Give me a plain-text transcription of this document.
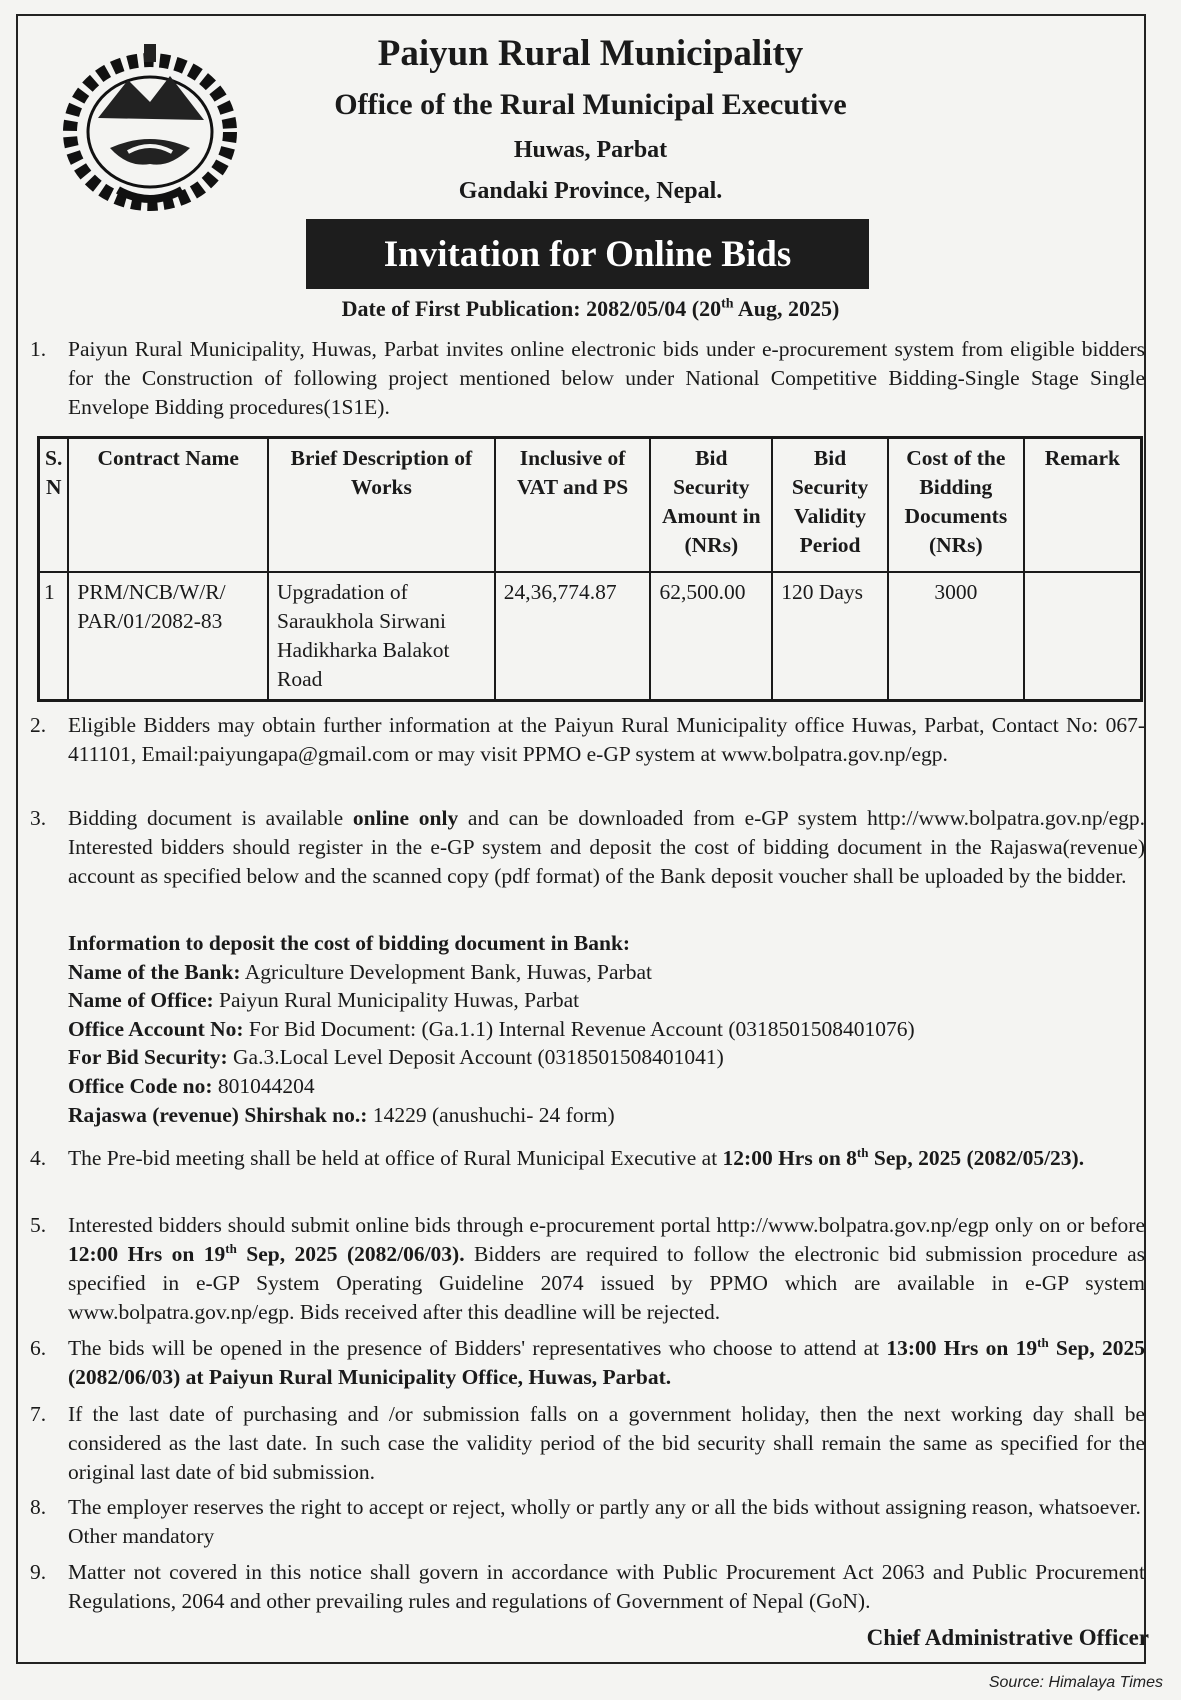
Paiyun Rural Municipality
Office of the Rural Municipal Executive
Huwas, Parbat
Gandaki Province, Nepal.
Invitation for Online Bids
Date of First Publication: 2082/05/04 (20th Aug, 2025)
1.	Paiyun Rural Municipality, Huwas, Parbat invites online electronic bids under e-procurement system from eligible bidders for the Construction of following project mentioned below under National Competitive Bidding-Single Stage Single Envelope Bidding procedures(1S1E).
S. N	Contract Name	Brief Description of Works	Inclusive of VAT and PS	Bid Security Amount in (NRs)	Bid Security Validity Period	Cost of the Bidding Documents (NRs)	Remark
1	PRM/NCB/W/R/ PAR/01/2082-83	Upgradation of Saraukhola Sirwani Hadikharka Balakot Road	24,36,774.87	62,500.00	120 Days	3000	
2.	Eligible Bidders may obtain further information at the Paiyun Rural Municipality office Huwas, Parbat, Contact No: 067-411101, Email:paiyungapa@gmail.com or may visit PPMO e-GP system at www.bolpatra.gov.np/egp.
3.	Bidding document is available online only and can be downloaded from e-GP system http://www.bolpatra.gov.np/egp. Interested bidders should register in the e-GP system and deposit the cost of bidding document in the Rajaswa(revenue) account as specified below and the scanned copy (pdf format) of the Bank deposit voucher shall be uploaded by the bidder.
Information to deposit the cost of bidding document in Bank:
Name of the Bank: Agriculture Development Bank, Huwas, Parbat
Name of Office: Paiyun Rural Municipality Huwas, Parbat
Office Account No: For Bid Document: (Ga.1.1) Internal Revenue Account (0318501508401076)
For Bid Security: Ga.3.Local Level Deposit Account (0318501508401041)
Office Code no: 801044204
Rajaswa (revenue) Shirshak no.: 14229 (anushuchi- 24 form)
4.	The Pre-bid meeting shall be held at office of Rural Municipal Executive at 12:00 Hrs on 8th Sep, 2025 (2082/05/23).
5.	Interested bidders should submit online bids through e-procurement portal http://www.bolpatra.gov.np/egp only on or before 12:00 Hrs on 19th Sep, 2025 (2082/06/03). Bidders are required to follow the electronic bid submission procedure as specified in e-GP System Operating Guideline 2074 issued by PPMO which are available in e-GP system www.bolpatra.gov.np/egp. Bids received after this deadline will be rejected.
6.	The bids will be opened in the presence of Bidders' representatives who choose to attend at 13:00 Hrs on 19th Sep, 2025 (2082/06/03) at Paiyun Rural Municipality Office, Huwas, Parbat.
7.	If the last date of purchasing and /or submission falls on a government holiday, then the next working day shall be considered as the last date. In such case the validity period of the bid security shall remain the same as specified for the original last date of bid submission.
8.	The employer reserves the right to accept or reject, wholly or partly any or all the bids without assigning reason, whatsoever. Other mandatory
9.	Matter not covered in this notice shall govern in accordance with Public Procurement Act 2063 and Public Procurement Regulations, 2064 and other prevailing rules and regulations of Government of Nepal (GoN).
Chief Administrative Officer
Source: Himalaya Times
